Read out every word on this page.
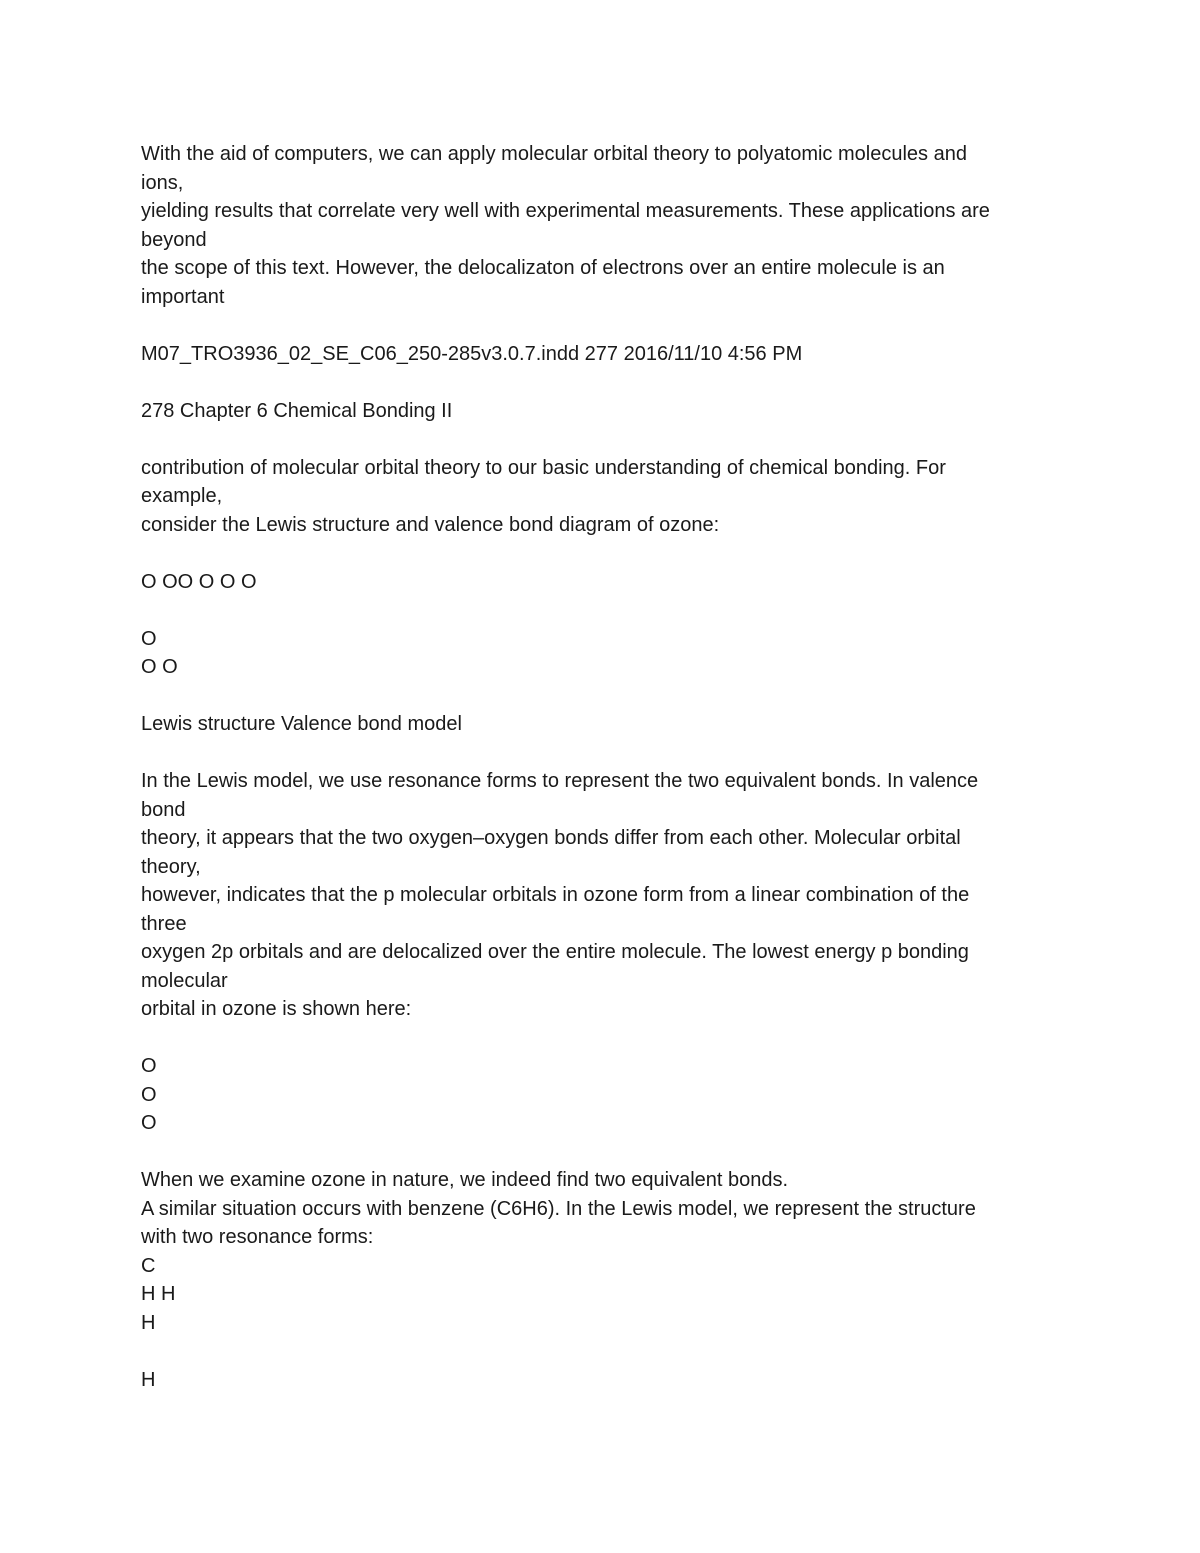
With the aid of computers, we can apply molecular orbital theory to polyatomic molecules and
ions,
yielding results that correlate very well with experimental measurements. These applications are
beyond
the scope of this text. However, the delocalizaton of electrons over an entire molecule is an
important
M07_TRO3936_02_SE_C06_250-285v3.0.7.indd 277 2016/11/10 4:56 PM
278 Chapter 6 Chemical Bonding II
contribution of molecular orbital theory to our basic understanding of chemical bonding. For
example,
consider the Lewis structure and valence bond diagram of ozone:
O OO O O O
O
O O
Lewis structure Valence bond model
In the Lewis model, we use resonance forms to represent the two equivalent bonds. In valence
bond
theory, it appears that the two oxygen–oxygen bonds differ from each other. Molecular orbital
theory,
however, indicates that the p molecular orbitals in ozone form from a linear combination of the
three
oxygen 2p orbitals and are delocalized over the entire molecule. The lowest energy p bonding
molecular
orbital in ozone is shown here:
O
O
O
When we examine ozone in nature, we indeed find two equivalent bonds.
A similar situation occurs with benzene (C6H6). In the Lewis model, we represent the structure
with two resonance forms:
C
H H
H
H
